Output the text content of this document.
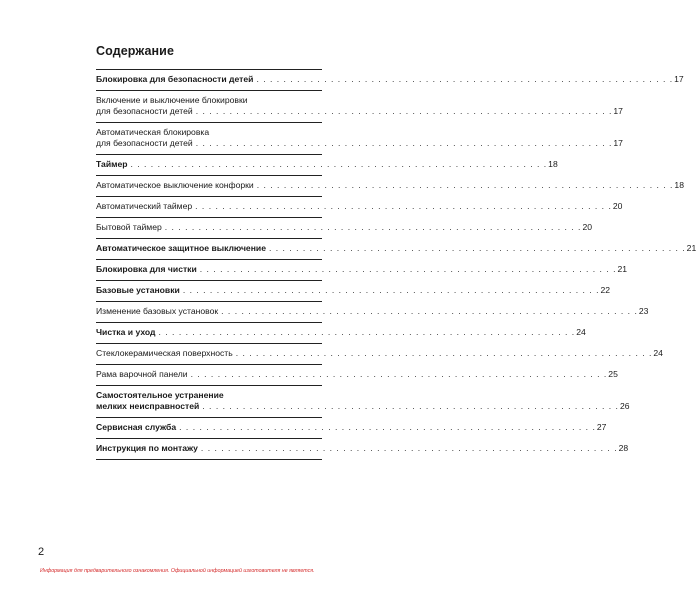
Содержание
Блокировка для безопасности детей . . . . . . . . . . . . . . . . . . . . . . . . . . . . . . . . . . . . . . . . . . . . . . . . . . . . . . . . . . . . . . 17
Включение и выключение блокировки
для безопасности детей . . . . . . . . . . . . . . . . . . . . . . . . . . . . . . . . . . . . . . . . . . . . . . . . . . . . . . . . . . . . . . 17
Автоматическая блокировка
для безопасности детей . . . . . . . . . . . . . . . . . . . . . . . . . . . . . . . . . . . . . . . . . . . . . . . . . . . . . . . . . . . . . . 17
Таймер . . . . . . . . . . . . . . . . . . . . . . . . . . . . . . . . . . . . . . . . . . . . . . . . . . . . . . . . . . . . . . 18
Автоматическое выключение конфорки . . . . . . . . . . . . . . . . . . . . . . . . . . . . . . . . . . . . . . . . . . . . . . . . . . . . . . . . . . . . . . 18
Автоматический таймер . . . . . . . . . . . . . . . . . . . . . . . . . . . . . . . . . . . . . . . . . . . . . . . . . . . . . . . . . . . . . . 20
Бытовой таймер . . . . . . . . . . . . . . . . . . . . . . . . . . . . . . . . . . . . . . . . . . . . . . . . . . . . . . . . . . . . . . 20
Автоматическое защитное выключение . . . . . . . . . . . . . . . . . . . . . . . . . . . . . . . . . . . . . . . . . . . . . . . . . . . . . . . . . . . . . . 21
Блокировка для чистки . . . . . . . . . . . . . . . . . . . . . . . . . . . . . . . . . . . . . . . . . . . . . . . . . . . . . . . . . . . . . . 21
Базовые установки . . . . . . . . . . . . . . . . . . . . . . . . . . . . . . . . . . . . . . . . . . . . . . . . . . . . . . . . . . . . . . 22
Изменение базовых установок . . . . . . . . . . . . . . . . . . . . . . . . . . . . . . . . . . . . . . . . . . . . . . . . . . . . . . . . . . . . . . 23
Чистка и уход . . . . . . . . . . . . . . . . . . . . . . . . . . . . . . . . . . . . . . . . . . . . . . . . . . . . . . . . . . . . . . 24
Стеклокерамическая поверхность . . . . . . . . . . . . . . . . . . . . . . . . . . . . . . . . . . . . . . . . . . . . . . . . . . . . . . . . . . . . . . 24
Рама варочной панели . . . . . . . . . . . . . . . . . . . . . . . . . . . . . . . . . . . . . . . . . . . . . . . . . . . . . . . . . . . . . . 25
Самостоятельное устранение
мелких неисправностей . . . . . . . . . . . . . . . . . . . . . . . . . . . . . . . . . . . . . . . . . . . . . . . . . . . . . . . . . . . . . . 26
Сервисная служба . . . . . . . . . . . . . . . . . . . . . . . . . . . . . . . . . . . . . . . . . . . . . . . . . . . . . . . . . . . . . . 27
Инструкция по монтажу . . . . . . . . . . . . . . . . . . . . . . . . . . . . . . . . . . . . . . . . . . . . . . . . . . . . . . . . . . . . . . 28
2
Информация для предварительного ознакомления. Официальной информацией изготовителя не является.
